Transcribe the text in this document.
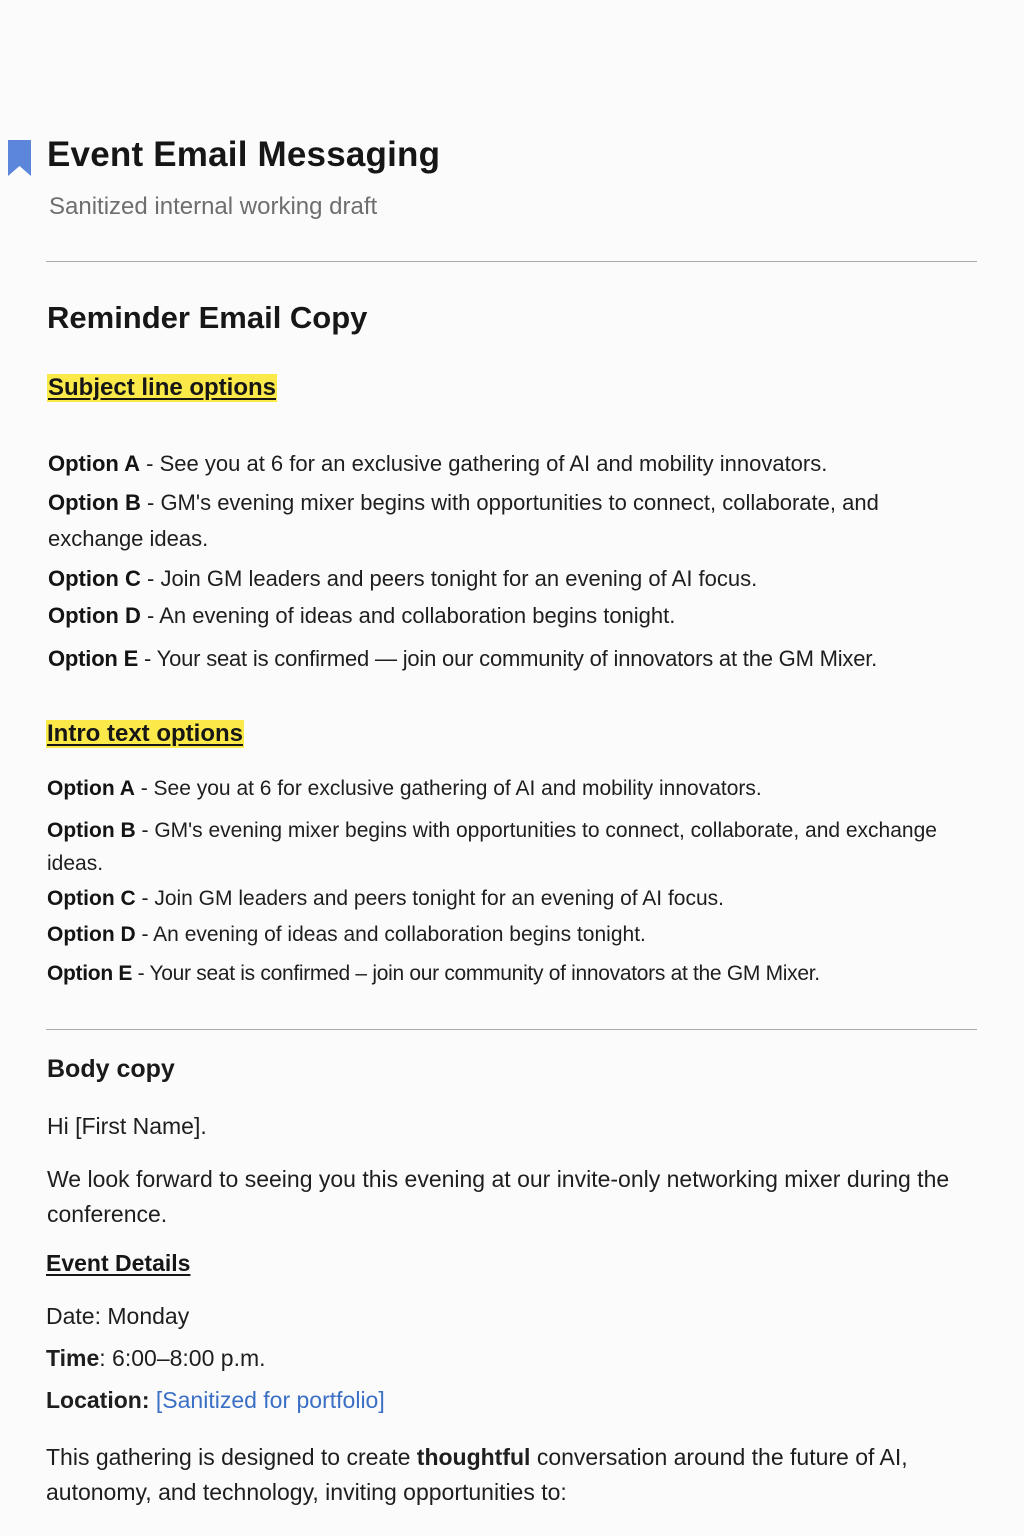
Event Email Messaging
Sanitized internal working draft
Reminder Email Copy
Subject line options
Option A - See you at 6 for an exclusive gathering of AI and mobility innovators.
Option B - GM's evening mixer begins with opportunities to connect, collaborate, and exchange ideas.
Option C - Join GM leaders and peers tonight for an evening of AI focus.
Option D - An evening of ideas and collaboration begins tonight.
Option E - Your seat is confirmed — join our community of innovators at the GM Mixer.
Intro text options
Option A - See you at 6 for exclusive gathering of AI and mobility innovators.
Option B - GM's evening mixer begins with opportunities to connect, collaborate, and exchange ideas.
Option C - Join GM leaders and peers tonight for an evening of AI focus.
Option D - An evening of ideas and collaboration begins tonight.
Option E - Your seat is confirmed – join our community of innovators at the GM Mixer.
Body copy
Hi [First Name].
We look forward to seeing you this evening at our invite-only networking mixer during the conference.
Event Details
Date: Monday
Time: 6:00–8:00 p.m.
Location: [Sanitized for portfolio]
This gathering is designed to create thoughtful conversation around the future of AI, autonomy, and technology, inviting opportunities to:
